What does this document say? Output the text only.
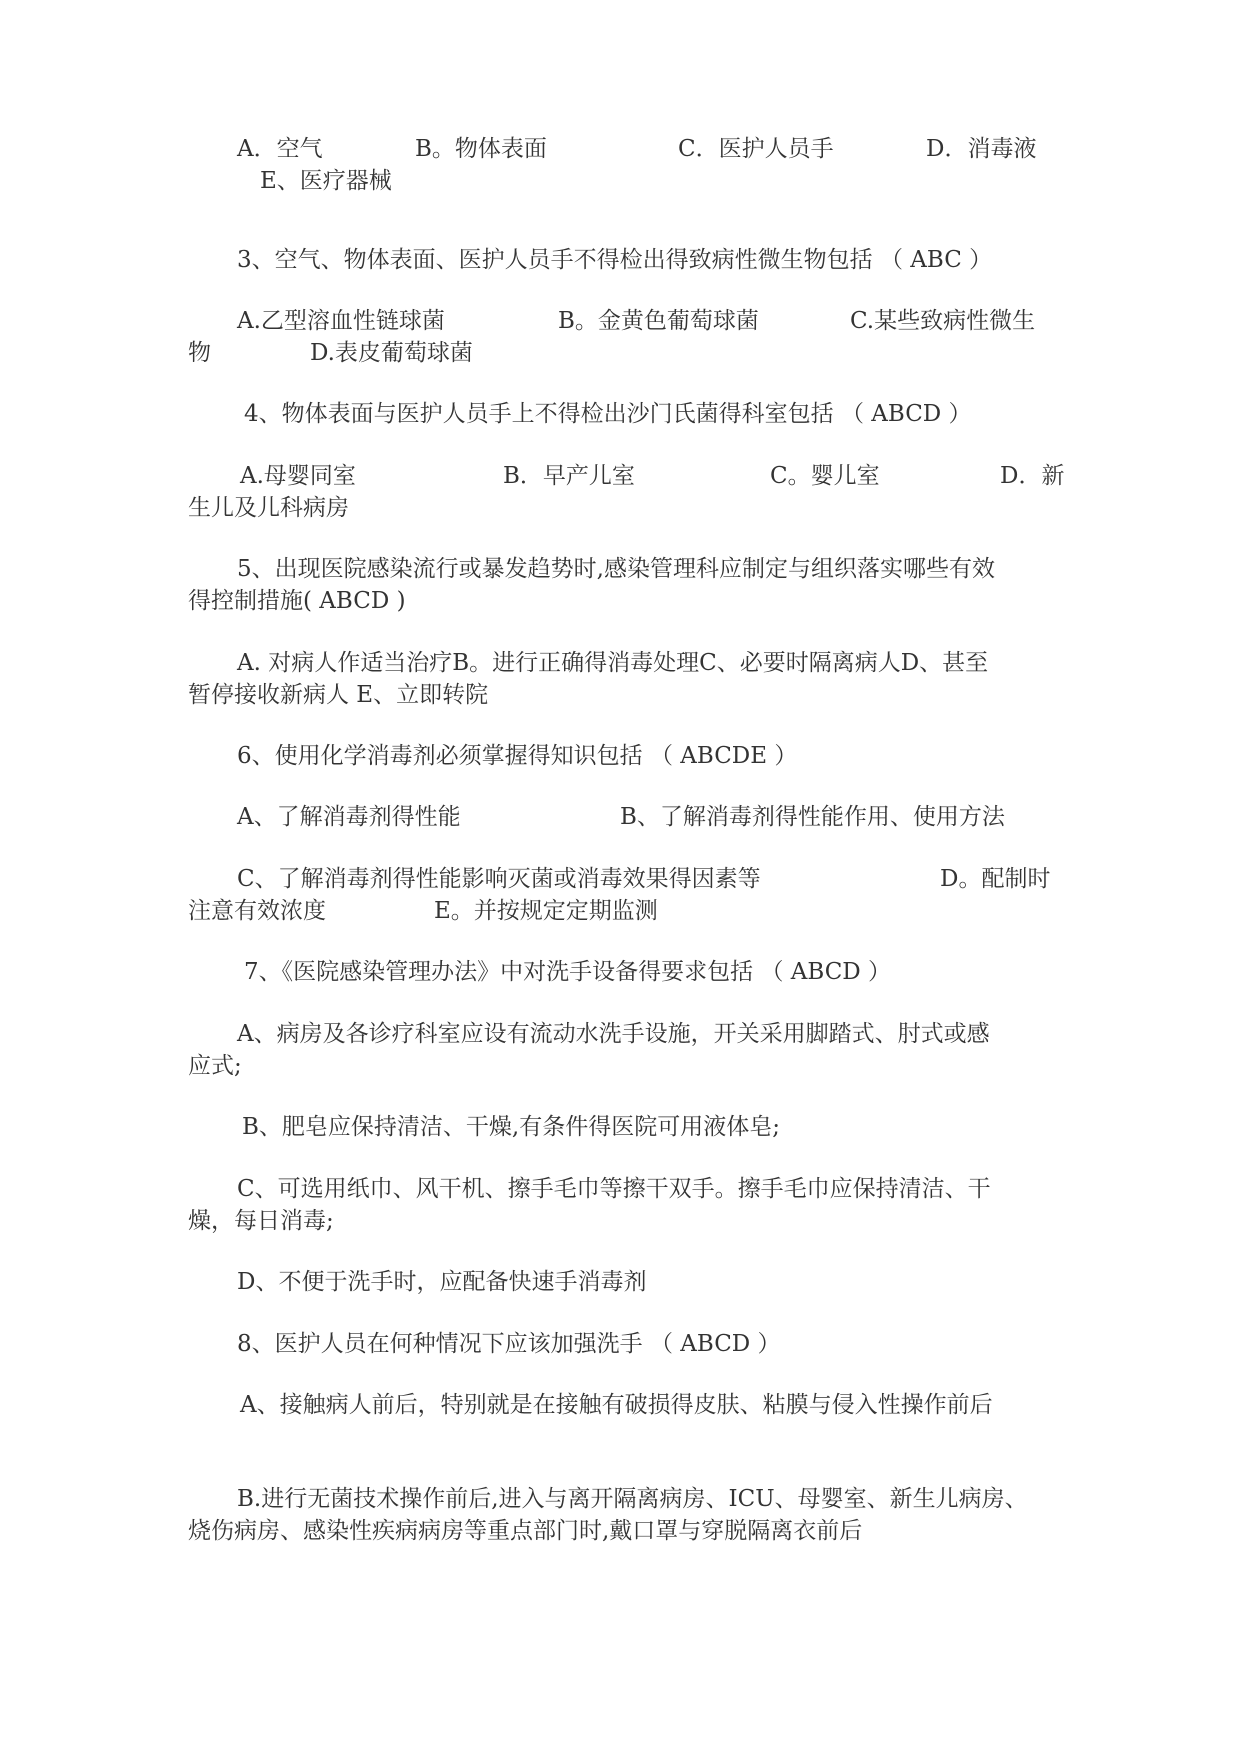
A．空气	B。物体表面	C．医护人员手	D．消毒液
E、医疗器械
3、空气、物体表面、医护人员手不得检出得致病性微生物包括 （ ABC ）
A.乙型溶血性链球菌	B。金黄色葡萄球菌	C.某些致病性微生
物	D.表皮葡萄球菌
4、物体表面与医护人员手上不得检出沙门氏菌得科室包括 （ ABCD ）
A.母婴同室	B．早产儿室	C。婴儿室	D．新
生儿及儿科病房
5、出现医院感染流行或暴发趋势时,感染管理科应制定与组织落实哪些有效
得控制措施( ABCD )
A. 对病人作适当治疗B。进行正确得消毒处理C、必要时隔离病人D、甚至
暂停接收新病人 E、立即转院
6、使用化学消毒剂必须掌握得知识包括 （ ABCDE ）
A、了解消毒剂得性能	B、了解消毒剂得性能作用、使用方法
C、了解消毒剂得性能影响灭菌或消毒效果得因素等	D。配制时
注意有效浓度	E。并按规定定期监测
7、《医院感染管理办法》中对洗手设备得要求包括 （ ABCD ）
A、病房及各诊疗科室应设有流动水洗手设施，开关采用脚踏式、肘式或感
应式;
B、肥皂应保持清洁、干燥,有条件得医院可用液体皂;
C、可选用纸巾、风干机、擦手毛巾等擦干双手。擦手毛巾应保持清洁、干
燥，每日消毒;
D、不便于洗手时，应配备快速手消毒剂
8、医护人员在何种情况下应该加强洗手 （ ABCD ）
A、接触病人前后，特别就是在接触有破损得皮肤、粘膜与侵入性操作前后
B.进行无菌技术操作前后,进入与离开隔离病房、ICU、母婴室、新生儿病房、
烧伤病房、感染性疾病病房等重点部门时,戴口罩与穿脱隔离衣前后
